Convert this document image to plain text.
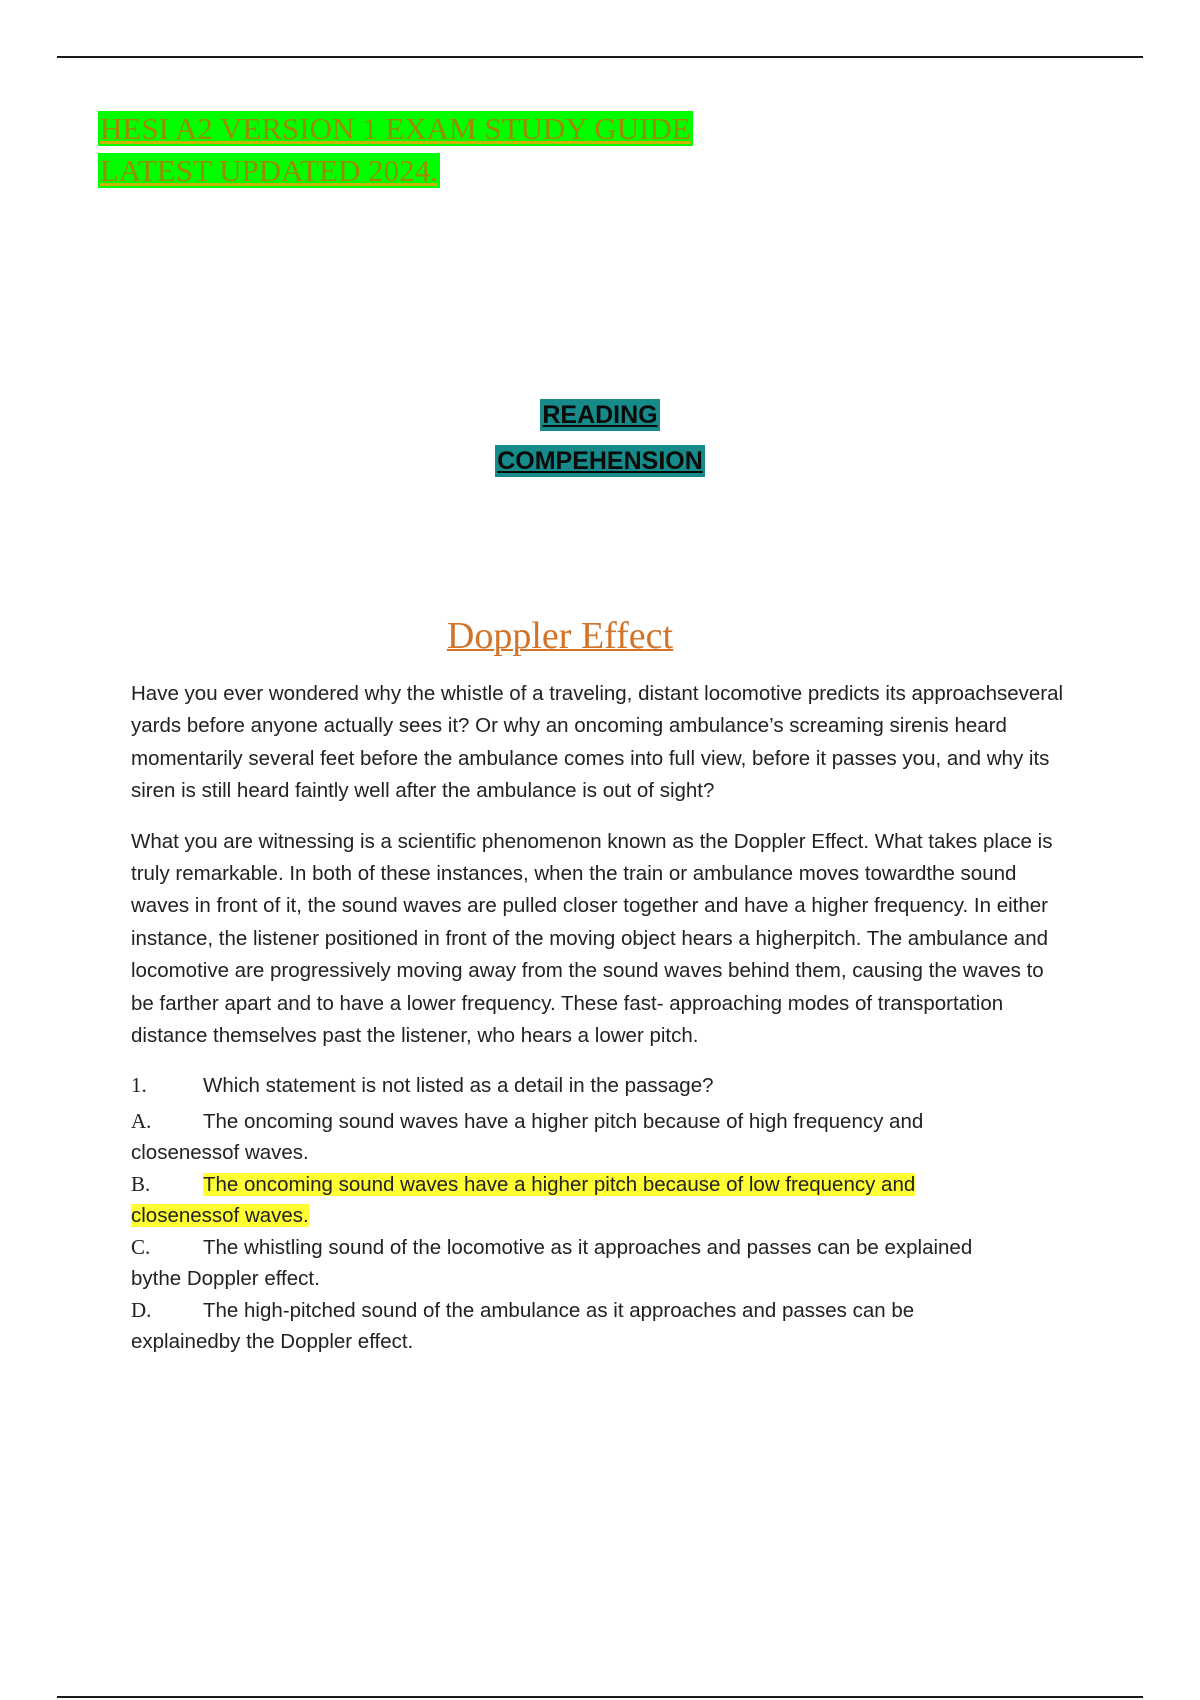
HESI A2 VERSION 1 EXAM STUDY GUIDE
LATEST UPDATED 2024.
READING
COMPEHENSION
Doppler Effect

Have you ever wondered why the whistle of a traveling, distant locomotive predicts its approachseveral yards before anyone actually sees it? Or why an oncoming ambulance’s screaming sirenis heard momentarily several feet before the ambulance comes into full view, before it passes you, and why its siren is still heard faintly well after the ambulance is out of sight?

What you are witnessing is a scientific phenomenon known as the Doppler Effect. What takes place is truly remarkable. In both of these instances, when the train or ambulance moves towardthe sound waves in front of it, the sound waves are pulled closer together and have a higher frequency. In either instance, the listener positioned in front of the moving object hears a higherpitch. The ambulance and locomotive are progressively moving away from the sound waves behind them, causing the waves to be farther apart and to have a lower frequency. These fast- approaching modes of transportation distance themselves past the listener, who hears a lower pitch.

1.	Which statement is not listed as a detail in the passage?
A.	The oncoming sound waves have a higher pitch because of high frequency and
closenessof waves.
B.	The oncoming sound waves have a higher pitch because of low frequency and
closenessof waves.
C.	The whistling sound of the locomotive as it approaches and passes can be explained
bythe Doppler effect.
D.	The high-pitched sound of the ambulance as it approaches and passes can be
explainedby the Doppler effect.
